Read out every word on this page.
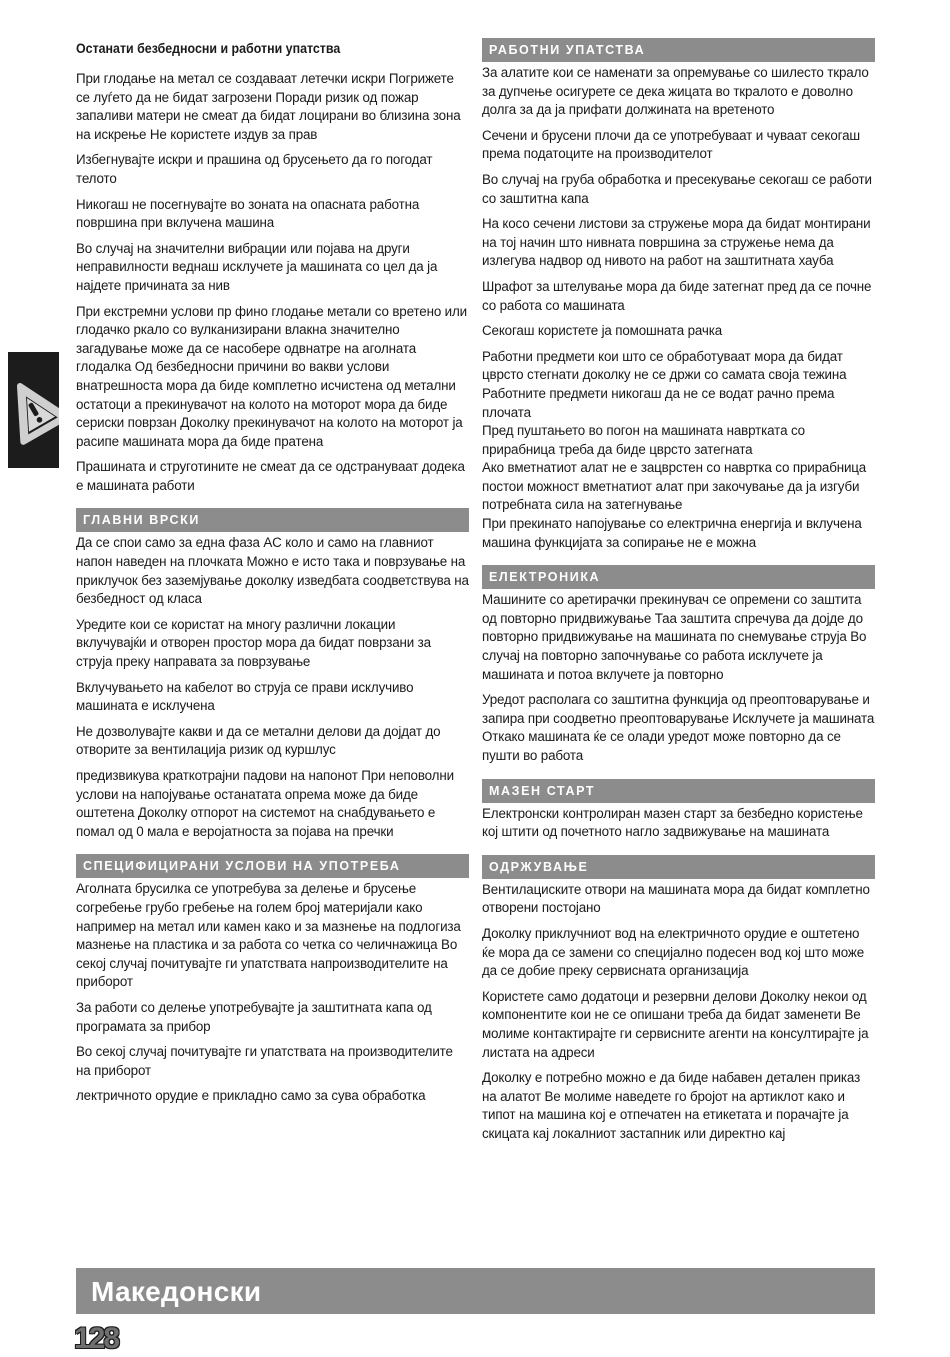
Останати безбедносни и работни упатства

При глодање на метал се создаваат летечки искри Погрижете се луѓето да не бидат загрозени Поради ризик од пожар запаливи матери не смеат да бидат лоцирани во близина зона на искрење Не користете издув за прав

Избегнувајте искри и прашина од брусењето да го погодат телото

Никогаш не посегнувајте во зоната на опасната работна површина при вклучена машина

Во случај на значителни вибрации или појава на други неправилности веднаш исклучете ја машината со цел да ја најдете причината за нив

При екстремни услови пр фино глодање метали со вретено или глодачко ркало со вулканизирани влакна значително загадување може да се насобере одвнатре на аголната глодалка Од безбедносни причини во вакви услови внатрешноста мора да биде комплетно исчистена од метални остатоци а прекинувачот на колото на моторот мора да биде сериски поврзан Доколку прекинувачот на колото на моторот ја расипе машината мора да биде пратена

Прашината и струготините не смеат да се одстрануваат додека е машината работи

ГЛАВНИ ВРСКИ

Да се спои само за една фаза AC коло и само на главниот напон наведен на плочката Можно е исто така и поврзување на приклучок без заземјување доколку изведбата соодветствува на безбедност од класа

Уредите кои се користат на многу различни локации вклучувајќи и отворен простор мора да бидат поврзани за струја преку направата за поврзување

Вклучувањето на кабелот во струја се прави исклучиво машината е исклучена

Не дозволувајте какви и да се метални делови да дојдат до отворите за вентилација ризик од куршлус

предизвикува краткотрајни падови на напонот При неповолни услови на напојување останатата опрема може да биде оштетена Доколку отпорот на системот на снабдувањето е помал од 0 мала е веројатноста за појава на пречки

СПЕЦИФИЦИРАНИ УСЛОВИ НА УПОТРЕБА

Аголната брусилка се употребува за делење и брусење согребење грубо гребење на голем број материјали како например на метал или камен како и за мазнење на подлогиза мазнење на пластика и за работа со четка со челичнажица Во секој случај почитувајте ги упатствата напроизводителите на приборот

За работи со делење употребувајте ја заштитната капа од програмата за прибор

Во секој случај почитувајте ги упатствата на производителите на приборот

лектричното орудие е прикладно само за сува обработка

РАБОТНИ УПАТСТВА

За алатите кои се наменати за опремување со шилесто ткрало за дупчење осигурете се дека жицата во ткралото е доволно долга за да ја прифати должината на вретеното

Сечени и брусени плочи да се употребуваат и чуваат секогаш према податоците на производителот

Во случај на груба обработка и пресекување секогаш се работи со заштитна капа

На косо сечени листови за стружење мора да бидат монтирани на тој начин што нивната површина за стружење нема да излегува надвор од нивото на работ на заштитната хауба

Шрафот за штелување мора да биде затегнат пред да се почне со работа со машината

Секогаш користете ја помошната рачка

Работни предмети кои што се обработуваат мора да бидат цврсто стегнати доколку не се држи со самата своја тежина Работните предмети никогаш да не се водат рачно према плочата

Пред пуштањето во погон на машината наврткатa со прирабница треба да биде цврсто затегната

Ако вметнатиот алат не е зацврстен со навртка со прирабница постои можност вметнатиот алат при закочување да ја изгуби потребната сила на затегнување

При прекинато напојување со електрична енергија и вклучена машина функцијата за сопирање не е можна

ЕЛЕКТРОНИКА

Машините со аретирачки прекинувач се опремени со заштита од повторно придвижување Таа заштита спречува да дојде до повторно придвижување на машината по снемување струја Во случај на повторно започнување со работа исклучете ја машината и потоа вклучете ја повторно

Уредот располага со заштитна функција од преоптоварување и запира при соодветно преоптоварување Исклучете ја машината Откако машината ќе се олади уредот може повторно да се пушти во работа

МАЗЕН СТАРТ

Електронски контролиран мазен старт за безбедно користење кој штити од почетното нагло задвижување на машината

ОДРЖУВАЊЕ

Вентилациските отвори на машината мора да бидат комплетно отворени постојано

Доколку приклучниот вод на електричното орудие е оштетено ќе мора да се замени со специјално подесен вод кој што може да се добие преку сервисната организација

Користете само додатоци и резервни делови Доколку некои од компонентите кои не се опишани треба да бидат заменети Ве молиме контактирајте ги сервисните агенти на консултирајте ја листата на адреси

Доколку е потребно можно е да биде набавен детален приказ на алатот Ве молиме наведете го бројот на артиклот како и типот на машина кој е отпечатен на етикетата и порачајте ја скицата кај локалниот застапник или директно кај

Македонски
128
